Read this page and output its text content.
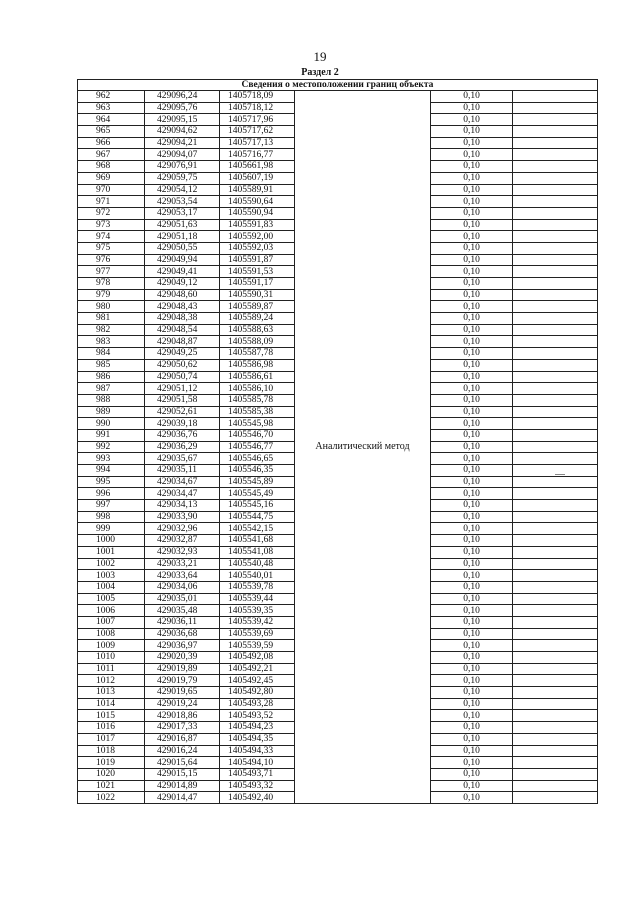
19
Раздел 2
Сведения о местоположении границ объекта					
962	429096,24	1405718,09	Аналитический метод	0,10	
963	429095,76	1405718,12		0,10	
964	429095,15	1405717,96		0,10	
965	429094,62	1405717,62		0,10	
966	429094,21	1405717,13		0,10	
967	429094,07	1405716,77		0,10	
968	429076,91	1405661,98		0,10	
969	429059,75	1405607,19		0,10	
970	429054,12	1405589,91		0,10	
971	429053,54	1405590,64		0,10	
972	429053,17	1405590,94		0,10	
973	429051,63	1405591,83		0,10	
974	429051,18	1405592,00		0,10	
975	429050,55	1405592,03		0,10	
976	429049,94	1405591,87		0,10	
977	429049,41	1405591,53		0,10	
978	429049,12	1405591,17		0,10	
979	429048,60	1405590,31		0,10	
980	429048,43	1405589,87		0,10	
981	429048,38	1405589,24		0,10	
982	429048,54	1405588,63		0,10	
983	429048,87	1405588,09		0,10	
984	429049,25	1405587,78		0,10	
985	429050,62	1405586,98		0,10	
986	429050,74	1405586,61		0,10	
987	429051,12	1405586,10		0,10	
988	429051,58	1405585,78		0,10	
989	429052,61	1405585,38		0,10	
990	429039,18	1405545,98		0,10	
991	429036,76	1405546,70		0,10	
992	429036,29	1405546,77		0,10	
993	429035,67	1405546,65		0,10	
994	429035,11	1405546,35		0,10	
995	429034,67	1405545,89		0,10	
996	429034,47	1405545,49		0,10	
997	429034,13	1405545,16		0,10	
998	429033,90	1405544,75		0,10	
999	429032,96	1405542,15		0,10	
1000	429032,87	1405541,68		0,10	
1001	429032,93	1405541,08		0,10	
1002	429033,21	1405540,48		0,10	
1003	429033,64	1405540,01		0,10	
1004	429034,06	1405539,78		0,10	
1005	429035,01	1405539,44		0,10	
1006	429035,48	1405539,35		0,10	
1007	429036,11	1405539,42		0,10	
1008	429036,68	1405539,69		0,10	
1009	429036,97	1405539,59		0,10	
1010	429020,39	1405492,08		0,10	
1011	429019,89	1405492,21		0,10	
1012	429019,79	1405492,45		0,10	
1013	429019,65	1405492,80		0,10	
1014	429019,24	1405493,28		0,10	
1015	429018,86	1405493,52		0,10	
1016	429017,33	1405494,23		0,10	
1017	429016,87	1405494,35		0,10	
1018	429016,24	1405494,33		0,10	
1019	429015,64	1405494,10		0,10	
1020	429015,15	1405493,71		0,10	
1021	429014,89	1405493,32		0,10	
1022	429014,47	1405492,40		0,10	
